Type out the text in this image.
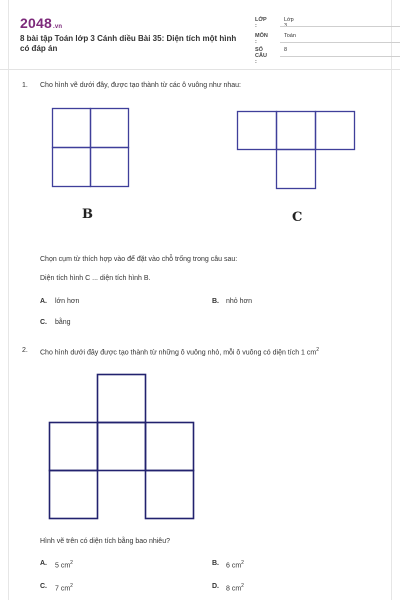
2048.vn
8 bài tập Toán lớp 3 Cánh diều Bài 35: Diện tích một hình có đáp án
LỚP :
Lớp
MÔN :
Toán
SỐ CÂU :
8
1. Cho hình vẽ dưới đây, được tạo thành từ các ô vuông như nhau:
B	C
Chọn cụm từ thích hợp vào để đặt vào chỗ trống trong câu sau:
Diện tích hình C ... diện tích hình B.
A. lớn hơn	B. nhỏ hơn
C. bằng
2. Cho hình dưới đây được tạo thành từ những ô vuông nhỏ, mỗi ô vuông có diện tích 1 $cm^2$
Hình vẽ trên có diện tích bằng bao nhiêu?
A. 5 $cm^2$	B. 6 $cm^2$
C. 7 $cm^2$	D. 8 $cm^2$
